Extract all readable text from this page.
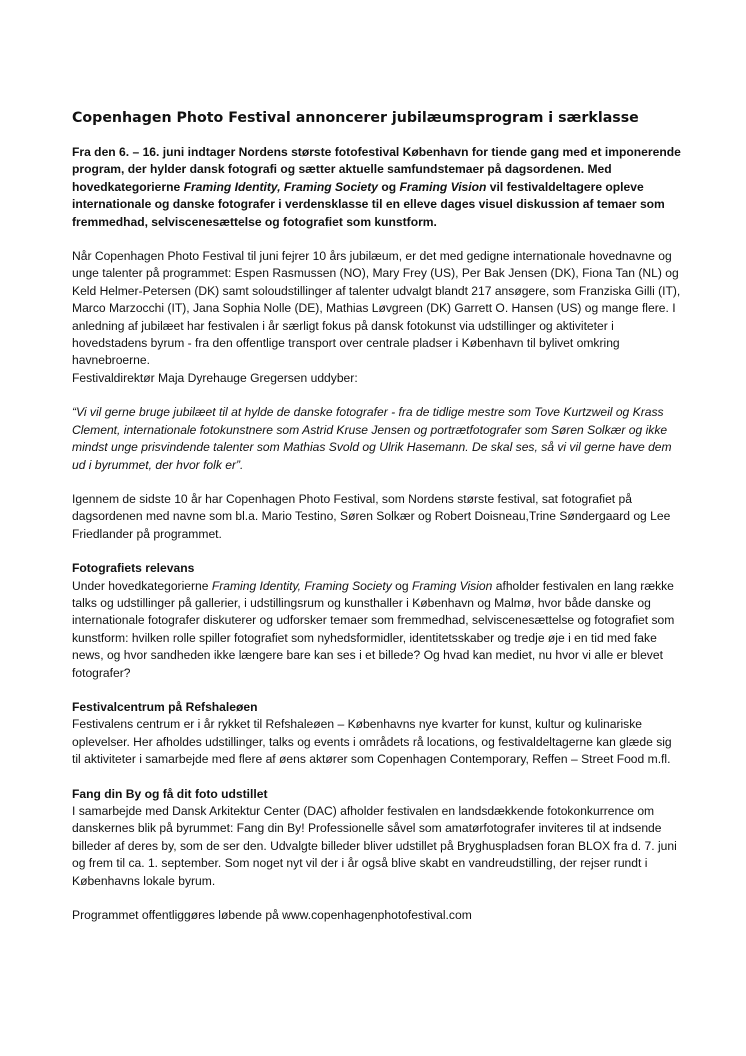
Copenhagen Photo Festival annoncerer jubilæumsprogram i særklasse

Fra den 6. – 16. juni indtager Nordens største fotofestival København for tiende gang med et imponerende program, der hylder dansk fotografi og sætter aktuelle samfundstemaer på dagsordenen. Med hovedkategorierne Framing Identity, Framing Society og Framing Vision vil festivaldeltagere opleve internationale og danske fotografer i verdensklasse til en elleve dages visuel diskussion af temaer som fremmedhad, selviscenesættelse og fotografiet som kunstform.

Når Copenhagen Photo Festival til juni fejrer 10 års jubilæum, er det med gedigne internationale hovednavne og unge talenter på programmet: Espen Rasmussen (NO), Mary Frey (US), Per Bak Jensen (DK), Fiona Tan (NL) og Keld Helmer-Petersen (DK) samt soloudstillinger af talenter udvalgt blandt 217 ansøgere, som Franziska Gilli (IT), Marco Marzocchi (IT), Jana Sophia Nolle (DE), Mathias Løvgreen (DK) Garrett O. Hansen (US) og mange flere. I anledning af jubilæet har festivalen i år særligt fokus på dansk fotokunst via udstillinger og aktiviteter i hovedstadens byrum - fra den offentlige transport over centrale pladser i København til bylivet omkring havnebroerne.

Festivaldirektør Maja Dyrehauge Gregersen uddyber:

“Vi vil gerne bruge jubilæet til at hylde de danske fotografer - fra de tidlige mestre som Tove Kurtzweil og Krass Clement, internationale fotokunstnere som Astrid Kruse Jensen og portrætfotografer som Søren Solkær og ikke mindst unge prisvindende talenter som Mathias Svold og Ulrik Hasemann. De skal ses, så vi vil gerne have dem ud i byrummet, der hvor folk er”.

Igennem de sidste 10 år har Copenhagen Photo Festival, som Nordens største festival, sat fotografiet på dagsordenen med navne som bl.a. Mario Testino, Søren Solkær og Robert Doisneau,Trine Søndergaard og Lee Friedlander på programmet.

Fotografiets relevans

Under hovedkategorierne Framing Identity, Framing Society og Framing Vision afholder festivalen en lang række talks og udstillinger på gallerier, i udstillingsrum og kunsthaller i København og Malmø, hvor både danske og internationale fotografer diskuterer og udforsker temaer som fremmedhad, selviscenesættelse og fotografiet som kunstform: hvilken rolle spiller fotografiet som nyhedsformidler, identitetsskaber og tredje øje i en tid med fake news, og hvor sandheden ikke længere bare kan ses i et billede? Og hvad kan mediet, nu hvor vi alle er blevet fotografer?

Festivalcentrum på Refshaleøen

Festivalens centrum er i år rykket til Refshaleøen – Københavns nye kvarter for kunst, kultur og kulinariske oplevelser. Her afholdes udstillinger, talks og events i områdets rå locations, og festivaldeltagerne kan glæde sig til aktiviteter i samarbejde med flere af øens aktører som Copenhagen Contemporary, Reffen – Street Food m.fl.

Fang din By og få dit foto udstillet

I samarbejde med Dansk Arkitektur Center (DAC) afholder festivalen en landsdækkende fotokonkurrence om danskernes blik på byrummet: Fang din By! Professionelle såvel som amatørfotografer inviteres til at indsende billeder af deres by, som de ser den. Udvalgte billeder bliver udstillet på Bryghuspladsen foran BLOX fra d. 7. juni og frem til ca. 1. september. Som noget nyt vil der i år også blive skabt en vandreudstilling, der rejser rundt i Københavns lokale byrum.

Programmet offentliggøres løbende på www.copenhagenphotofestival.com
